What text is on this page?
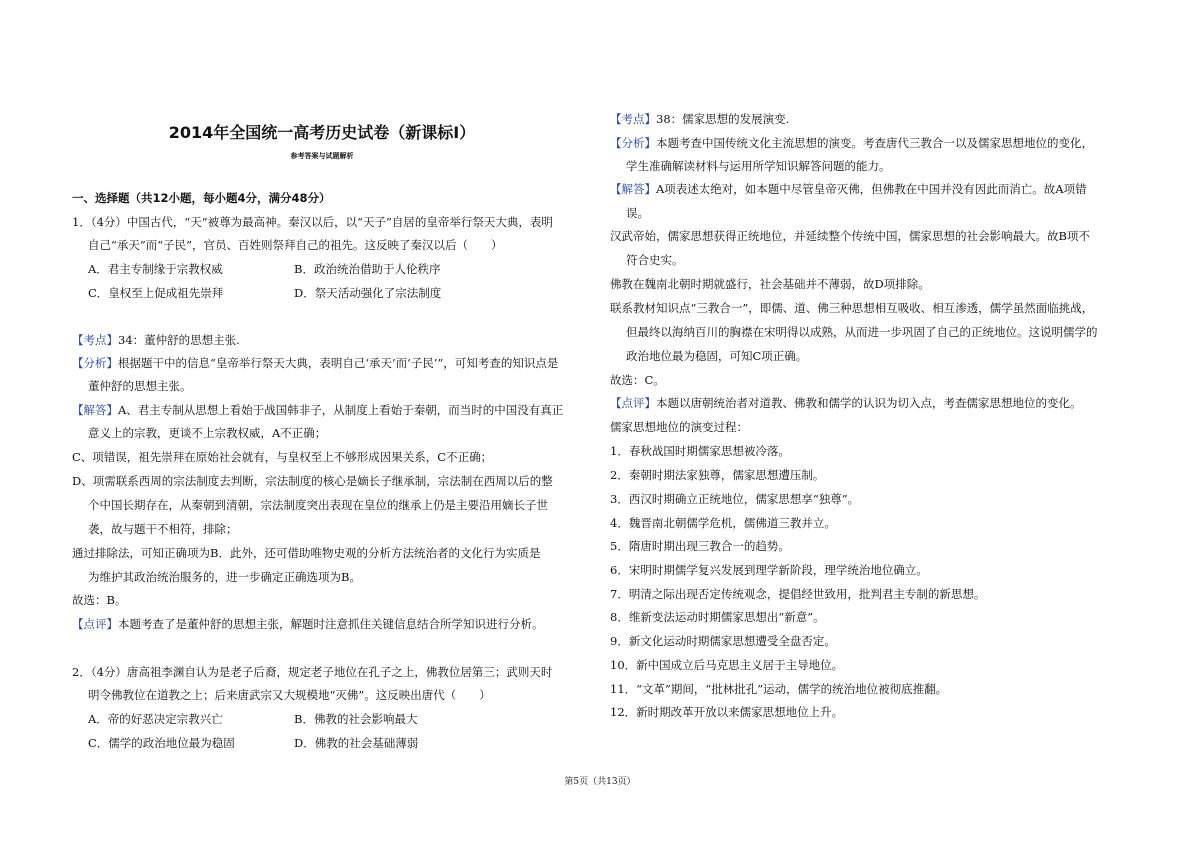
2014年全国统一高考历史试卷（新课标Ⅰ）
参考答案与试题解析
一、选择题（共12小题，每小题4分，满分48分）
1．（4分）中国古代，“天”被尊为最高神。秦汉以后，以“天子”自居的皇帝举行祭天大典，表明
自己“承天”而“子民”，官员、百姓则祭拜自己的祖先。这反映了秦汉以后（　　）
A．君主专制缘于宗教权威	B．政治统治借助于人伦秩序
C．皇权至上促成祖先崇拜	D．祭天活动强化了宗法制度
【考点】34：董仲舒的思想主张.
【分析】根据题干中的信息“皇帝举行祭天大典，表明自己‘承天’而‘子民’”，可知考查的知识点是
董仲舒的思想主张。
【解答】A、君主专制从思想上看始于战国韩非子，从制度上看始于秦朝，而当时的中国没有真正
意义上的宗教，更谈不上宗教权威，A不正确；
C、项错误，祖先崇拜在原始社会就有，与皇权至上不够形成因果关系，C不正确；
D、项需联系西周的宗法制度去判断，宗法制度的核心是嫡长子继承制，宗法制在西周以后的整
个中国长期存在，从秦朝到清朝，宗法制度突出表现在皇位的继承上仍是主要沿用嫡长子世
袭，故与题干不相符，排除；
通过排除法，可知正确项为B．此外，还可借助唯物史观的分析方法统治者的文化行为实质是
为维护其政治统治服务的，进一步确定正确选项为B。
故选：B。
【点评】本题考查了是董仲舒的思想主张，解题时注意抓住关键信息结合所学知识进行分析。
2．（4分）唐高祖李渊自认为是老子后裔，规定老子地位在孔子之上，佛教位居第三；武则天时
明令佛教位在道教之上；后来唐武宗又大规模地“灭佛”。这反映出唐代（　　）
A．帝的好恶决定宗教兴亡	B．佛教的社会影响最大
C．儒学的政治地位最为稳固	D．佛教的社会基础薄弱
【考点】38：儒家思想的发展演变.
【分析】本题考查中国传统文化主流思想的演变。考查唐代三教合一以及儒家思想地位的变化，
学生准确解读材料与运用所学知识解答问题的能力。
【解答】A项表述太绝对，如本题中尽管皇帝灭佛，但佛教在中国并没有因此而消亡。故A项错
误。
汉武帝始，儒家思想获得正统地位，并延续整个传统中国，儒家思想的社会影响最大。故B项不
符合史实。
佛教在魏南北朝时期就盛行，社会基础并不薄弱，故D项排除。
联系教材知识点“三教合一”，即儒、道、佛三种思想相互吸收、相互渗透，儒学虽然面临挑战，
但最终以海纳百川的胸襟在宋明得以成熟，从而进一步巩固了自己的正统地位。这说明儒学的
政治地位最为稳固，可知C项正确。
故选：C。
【点评】本题以唐朝统治者对道教、佛教和儒学的认识为切入点，考查儒家思想地位的变化。
儒家思想地位的演变过程：
1．春秋战国时期儒家思想被冷落。
2．秦朝时期法家独尊，儒家思想遭压制。
3．西汉时期确立正统地位，儒家思想享“独尊”。
4．魏晋南北朝儒学危机，儒佛道三教并立。
5．隋唐时期出现三教合一的趋势。
6．宋明时期儒学复兴发展到理学新阶段，理学统治地位确立。
7．明清之际出现否定传统观念，提倡经世致用，批判君主专制的新思想。
8．维新变法运动时期儒家思想出“新意”。
9．新文化运动时期儒家思想遭受全盘否定。
10．新中国成立后马克思主义居于主导地位。
11．“文革”期间，“批林批孔”运动，儒学的统治地位被彻底推翻。
12．新时期改革开放以来儒家思想地位上升。
第5页（共13页）
